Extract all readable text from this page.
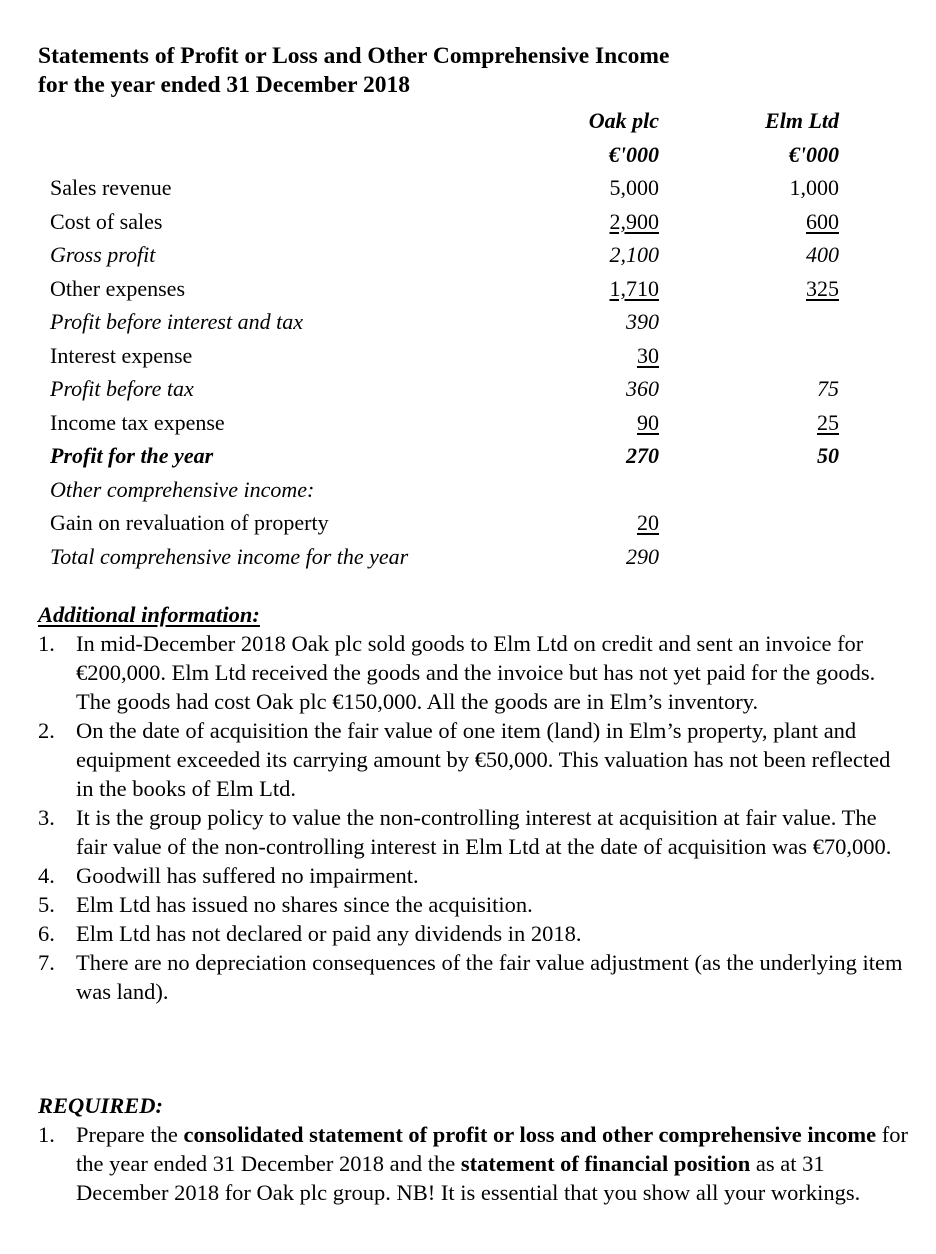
Statements of Profit or Loss and Other Comprehensive Income
for the year ended 31 December 2018
Oak plc	Elm Ltd
€'000	€'000
Sales revenue	5,000	1,000
Cost of sales	2,900	600
Gross profit	2,100	400
Other expenses	1,710	325
Profit before interest and tax	390
Interest expense	30
Profit before tax	360	75
Income tax expense	90	25
Profit for the year	270	50
Other comprehensive income:
Gain on revaluation of property	20
Total comprehensive income for the year	290
Additional information:
1. In mid-December 2018 Oak plc sold goods to Elm Ltd on credit and sent an invoice for €200,000. Elm Ltd received the goods and the invoice but has not yet paid for the goods. The goods had cost Oak plc €150,000. All the goods are in Elm’s inventory.
2. On the date of acquisition the fair value of one item (land) in Elm’s property, plant and equipment exceeded its carrying amount by €50,000. This valuation has not been reflected in the books of Elm Ltd.
3. It is the group policy to value the non-controlling interest at acquisition at fair value. The fair value of the non-controlling interest in Elm Ltd at the date of acquisition was €70,000.
4. Goodwill has suffered no impairment.
5. Elm Ltd has issued no shares since the acquisition.
6. Elm Ltd has not declared or paid any dividends in 2018.
7. There are no depreciation consequences of the fair value adjustment (as the underlying item was land).
REQUIRED:
1. Prepare the consolidated statement of profit or loss and other comprehensive income for the year ended 31 December 2018 and the statement of financial position as at 31 December 2018 for Oak plc group. NB! It is essential that you show all your workings.
